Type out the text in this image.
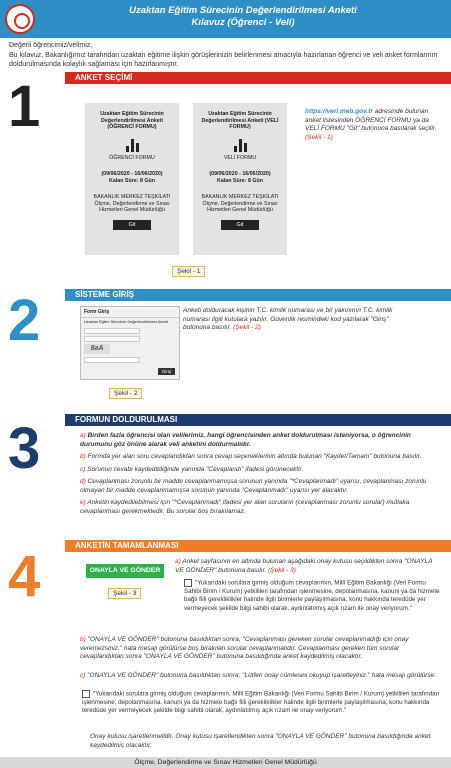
Uzaktan Eğitim Sürecinin Değerlendirilmesi Anketi
Kılavuz (Öğrenci - Veli)
Değerli öğrencimiz/velimiz,
Bu kılavuz, Bakanlığımız tarafından uzaktan eğitime ilişkin görüşlerinizin belirlenmesi amacıyla hazırlanan öğrenci ve veli anket formlarının doldurulmasında kolaylık sağlaması için hazırlanmıştır.
1	ANKET SEÇİMİ
Uzaktan Eğitim Sürecinin Değerlendirilmesi Anketi (ÖĞRENCİ FORMU)
ÖĞRENCİ FORMU
(09/06/2020 - 16/06/2020)
Kalan Süre: 8 Gün
BAKANLIK MERKEZ TEŞKİLATI Ölçme, Değerlendirme ve Sınav Hizmetleri Genel Müdürlüğü
Git
Uzaktan Eğitim Sürecinin Değerlendirilmesi Anketi (VELİ FORMU)
VELİ FORMU
(09/06/2020 - 16/06/2020)
Kalan Süre: 8 Gün
BAKANLIK MERKEZ TEŞKİLATI Ölçme, Değerlendirme ve Sınav Hizmetleri Genel Müdürlüğü
Git
https://veri.meb.gov.tr adresinde bulunan anket listesinden ÖĞRENCİ FORMU ya da VELİ FORMU "Git" butonuna basılarak seçilir. (Şekil - 1)
Şekil - 1
2	SİSTEME GİRİŞ
Form Giriş
Uzaktan Eğitim Sürecinin Değerlendirilmesi Anketi
8aA
Giriş
Anketi dolduracak kişinin T.C. kimlik numarası ve bir yakınının T.C. kimlik numarası ilgili kutulara yazılır. Güvenlik resmindeki kod yazılarak "Giriş" butonuna basılır. (Şekil - 2)
Şekil - 2
3	FORMUN DOLDURULMASI

a) Birden fazla öğrencisi olan velilerimiz, hangi öğrencisinden anket doldurulması isteniyorsa, o öğrencinin durumunu göz önüne alarak veli anketini doldurmalıdır.

b) Formda yer alan soru cevaplandıktan sonra cevap seçeneklerinin altında bulunan "Kaydet/Tamam" butonuna basılır.

c) Sorunun cevabı kaydedildiğinde yanında "Cevaplandı" ifadesi görünecektir.

d) Cevaplanması zorunlu bir madde cevaplanmamışsa sorunun yanında "*Cevaplanmadı" uyarısı, cevaplanması zorunlu olmayan bir madde cevaplanmamışsa sorunun yanında "Cevaplanmadı" uyarısı yer alacaktır.

e) Anketin kaydedilebilmesi için "*Cevaplanmadı" ifadesi yer alan soruların (cevaplanması zorunlu sorular) mutlaka cevaplanması gerekmektedir. Bu sorular boş bırakılamaz.

4	ANKETİN TAMAMLANMASI
ONAYLA VE GÖNDER
Şekil - 3
a) Anket sayfasının en altında bulunan aşağıdaki onay kutusu seçildikten sonra "ONAYLA VE GÖNDER" butonuna basılır. (Şekil - 3)
"Yukarıdaki sorulara girmiş olduğum cevaplarımın, Millî Eğitim Bakanlığı (Veri Formu Sahibi Birim / Kurum) yetkilileri tarafından işlenmesine, depolanmasına, kanuni ya da hizmete bağlı fiili gerekliklikler halinde ilgili birimlerle paylaşılmasına, konu hakkında teredüde yer vermeyecek şekilde bilgi sahibi olarak, aydınlatılmış açık rızam ile onay veriyorum."
b) "ONAYLA VE GÖNDER" butonuna basıldıktan sonra; "Cevaplanması gereken sorular cevaplanmadığı için onay veremezsiniz." hata mesajı görülürse boş bırakılan sorular cevaplanmalıdır. Cevaplanması gereken tüm sorular cevaplandıktan sonra "ONAYLA VE GÖNDER" butonuna basıldığında anket kaydedilmiş olacaktır.
c) "ONAYLA VE GÖNDER" butonuna basıldıktan sonra; "Lütfen onay cümlesini okuyup işaretleyiniz." hata mesajı görülürse:
"Yukarıdaki sorulara girmiş olduğum cevaplarımın, Millî Eğitim Bakanlığı (Veri Formu Sahibi Birim / Kurum) yetkilileri tarafından işlenmesine, depolanmasına, kanuni ya da hizmete bağlı fiili gerekliklikler halinde ilgili birimlerle paylaşılmasına, konu hakkında teredüde yer vermeyecek şekilde bilgi sahibi olarak, aydınlatılmış açık rızam ile onay veriyorum."
Onay kutusu işaretlenmelidir. Onay kutusu işaretlendikten sonra "ONAYLA VE GÖNDER" butonuna basıldığında anket kaydedilmiş olacaktır.
Ölçme, Değerlendirme ve Sınav Hizmetleri Genel Müdürlüğü
